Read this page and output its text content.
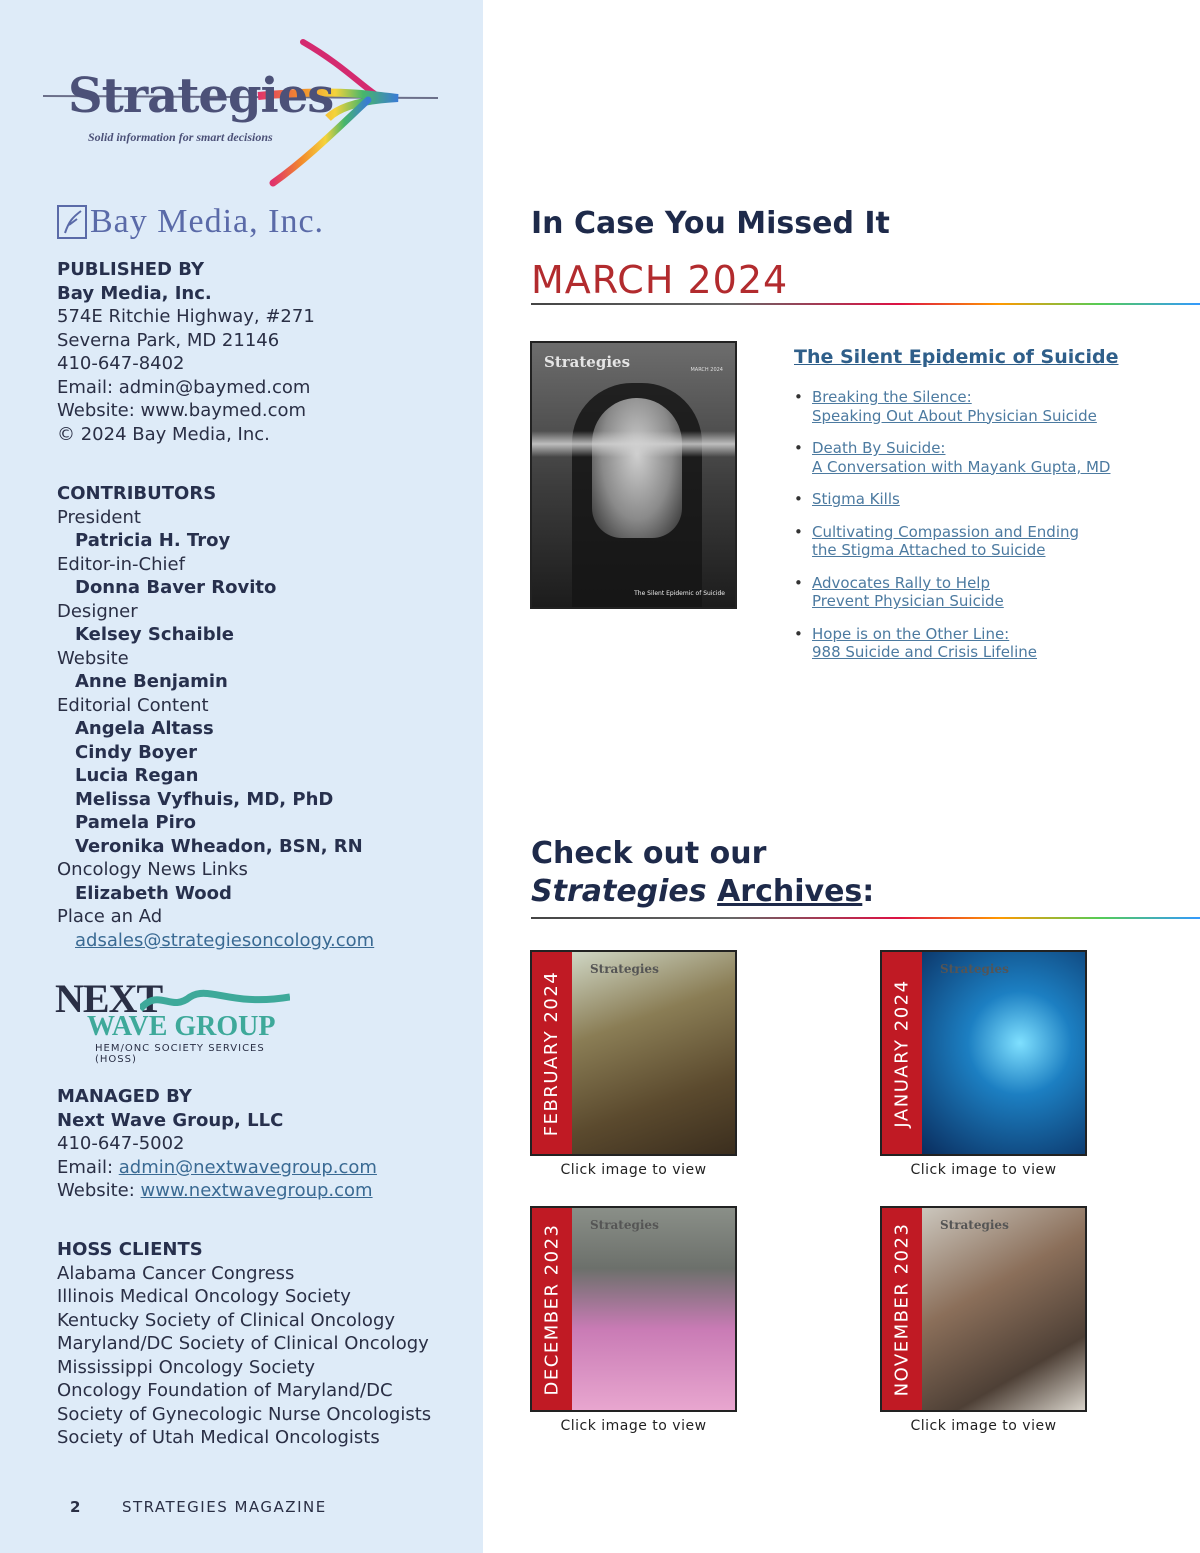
Strategies
Solid information for smart decisions
Bay Media, Inc.
PUBLISHED BY
Bay Media, Inc.
574E Ritchie Highway, #271
Severna Park, MD 21146
410-647-8402
Email: admin@baymed.com
Website: www.baymed.com
© 2024 Bay Media, Inc.
CONTRIBUTORS
President
Patricia H. Troy
Editor-in-Chief
Donna Baver Rovito
Designer
Kelsey Schaible
Website
Anne Benjamin
Editorial Content
Angela Altass
Cindy Boyer
Lucia Regan
Melissa Vyfhuis, MD, PhD
Pamela Piro
Veronika Wheadon, BSN, RN
Oncology News Links
Elizabeth Wood
Place an Ad
adsales@strategiesoncology.com
NEXT
WAVE GROUP
HEM/ONC SOCIETY SERVICES (HOSS)
MANAGED BY
Next Wave Group, LLC
410-647-5002
Email: admin@nextwavegroup.com
Website: www.nextwavegroup.com
HOSS CLIENTS
Alabama Cancer Congress
Illinois Medical Oncology Society
Kentucky Society of Clinical Oncology
Maryland/DC Society of Clinical Oncology
Mississippi Oncology Society
Oncology Foundation of Maryland/DC
Society of Gynecologic Nurse Oncologists
Society of Utah Medical Oncologists
2	STRATEGIES MAGAZINE
In Case You Missed It
MARCH 2024
Strategies	MARCH 2024
The Silent Epidemic of Suicide
The Silent Epidemic of Suicide
• Breaking the Silence:
Speaking Out About Physician Suicide
• Death By Suicide:
A Conversation with Mayank Gupta, MD
• Stigma Kills
• Cultivating Compassion and Ending
the Stigma Attached to Suicide
• Advocates Rally to Help
Prevent Physician Suicide
• Hope is on the Other Line:
988 Suicide and Crisis Lifeline
Check out our
Strategies Archives:
FEBRUARY 2024
Strategies
Click image to view
JANUARY 2024
Strategies
Click image to view
DECEMBER 2023 Strategies
Click image to view
NOVEMBER 2023 Strategies
Click image to view
